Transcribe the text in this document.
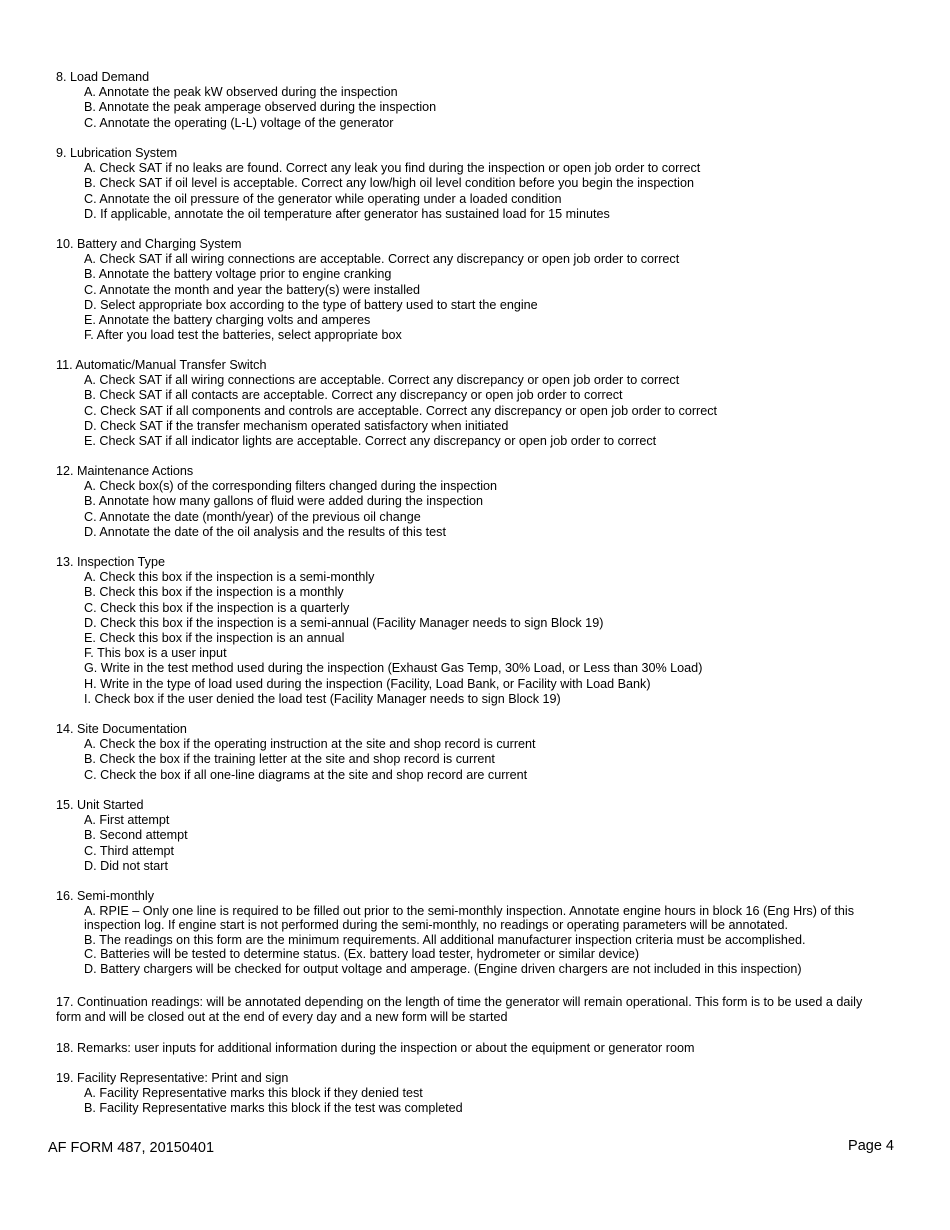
8. Load Demand
A. Annotate the peak kW observed during the inspection
B. Annotate the peak amperage observed during the inspection
C. Annotate the operating (L-L) voltage of the generator
9. Lubrication System
A. Check SAT if no leaks are found. Correct any leak you find during the inspection or open job order to correct
B. Check SAT if oil level is acceptable. Correct any low/high oil level condition before you begin the inspection
C. Annotate the oil pressure of the generator while operating under a loaded condition
D. If applicable, annotate the oil temperature after generator has sustained load for 15 minutes
10. Battery and Charging System
A. Check SAT if all wiring connections are acceptable. Correct any discrepancy or open job order to correct
B. Annotate the battery voltage prior to engine cranking
C. Annotate the month and year the battery(s) were installed
D. Select appropriate box according to the type of battery used to start the engine
E. Annotate the battery charging volts and amperes
F. After you load test the batteries, select appropriate box
11. Automatic/Manual Transfer Switch
A. Check SAT if all wiring connections are acceptable. Correct any discrepancy or open job order to correct
B. Check SAT if all contacts are acceptable. Correct any discrepancy or open job order to correct
C. Check SAT if all components and controls are acceptable. Correct any discrepancy or open job order to correct
D. Check SAT if the transfer mechanism operated satisfactory when initiated
E. Check SAT if all indicator lights are acceptable. Correct any discrepancy or open job order to correct
12. Maintenance Actions
A. Check box(s) of the corresponding filters changed during the inspection
B. Annotate how many gallons of fluid were added during the inspection
C. Annotate the date (month/year) of the previous oil change
D. Annotate the date of the oil analysis and the results of this test
13. Inspection Type
A. Check this box if the inspection is a semi-monthly
B. Check this box if the inspection is a monthly
C. Check this box if the inspection is a quarterly
D. Check this box if the inspection is a semi-annual (Facility Manager needs to sign Block 19)
E. Check this box if the inspection is an annual
F. This box is a user input
G. Write in the test method used during the inspection (Exhaust Gas Temp, 30% Load, or Less than 30% Load)
H. Write in the type of load used during the inspection (Facility, Load Bank, or Facility with Load Bank)
I. Check box if the user denied the load test (Facility Manager needs to sign Block 19)
14. Site Documentation
A. Check the box if the operating instruction at the site and shop record is current
B. Check the box if the training letter at the site and shop record is current
C. Check the box if all one-line diagrams at the site and shop record are current
15. Unit Started
A. First attempt
B. Second attempt
C. Third attempt
D. Did not start
16. Semi-monthly
A. RPIE – Only one line is required to be filled out prior to the semi-monthly inspection. Annotate engine hours in block 16 (Eng Hrs) of this inspection log. If engine start is not performed during the semi-monthly, no readings or operating parameters will be annotated.
B. The readings on this form are the minimum requirements. All additional manufacturer inspection criteria must be accomplished.
C. Batteries will be tested to determine status. (Ex. battery load tester, hydrometer or similar device)
D. Battery chargers will be checked for output voltage and amperage. (Engine driven chargers are not included in this inspection)
17. Continuation readings: will be annotated depending on the length of time the generator will remain operational. This form is to be used a daily form and will be closed out at the end of every day and a new form will be started
18. Remarks: user inputs for additional information during the inspection or about the equipment or generator room
19. Facility Representative: Print and sign
A. Facility Representative marks this block if they denied test
B. Facility Representative marks this block if the test was completed
AF FORM 487, 20150401	Page 4
